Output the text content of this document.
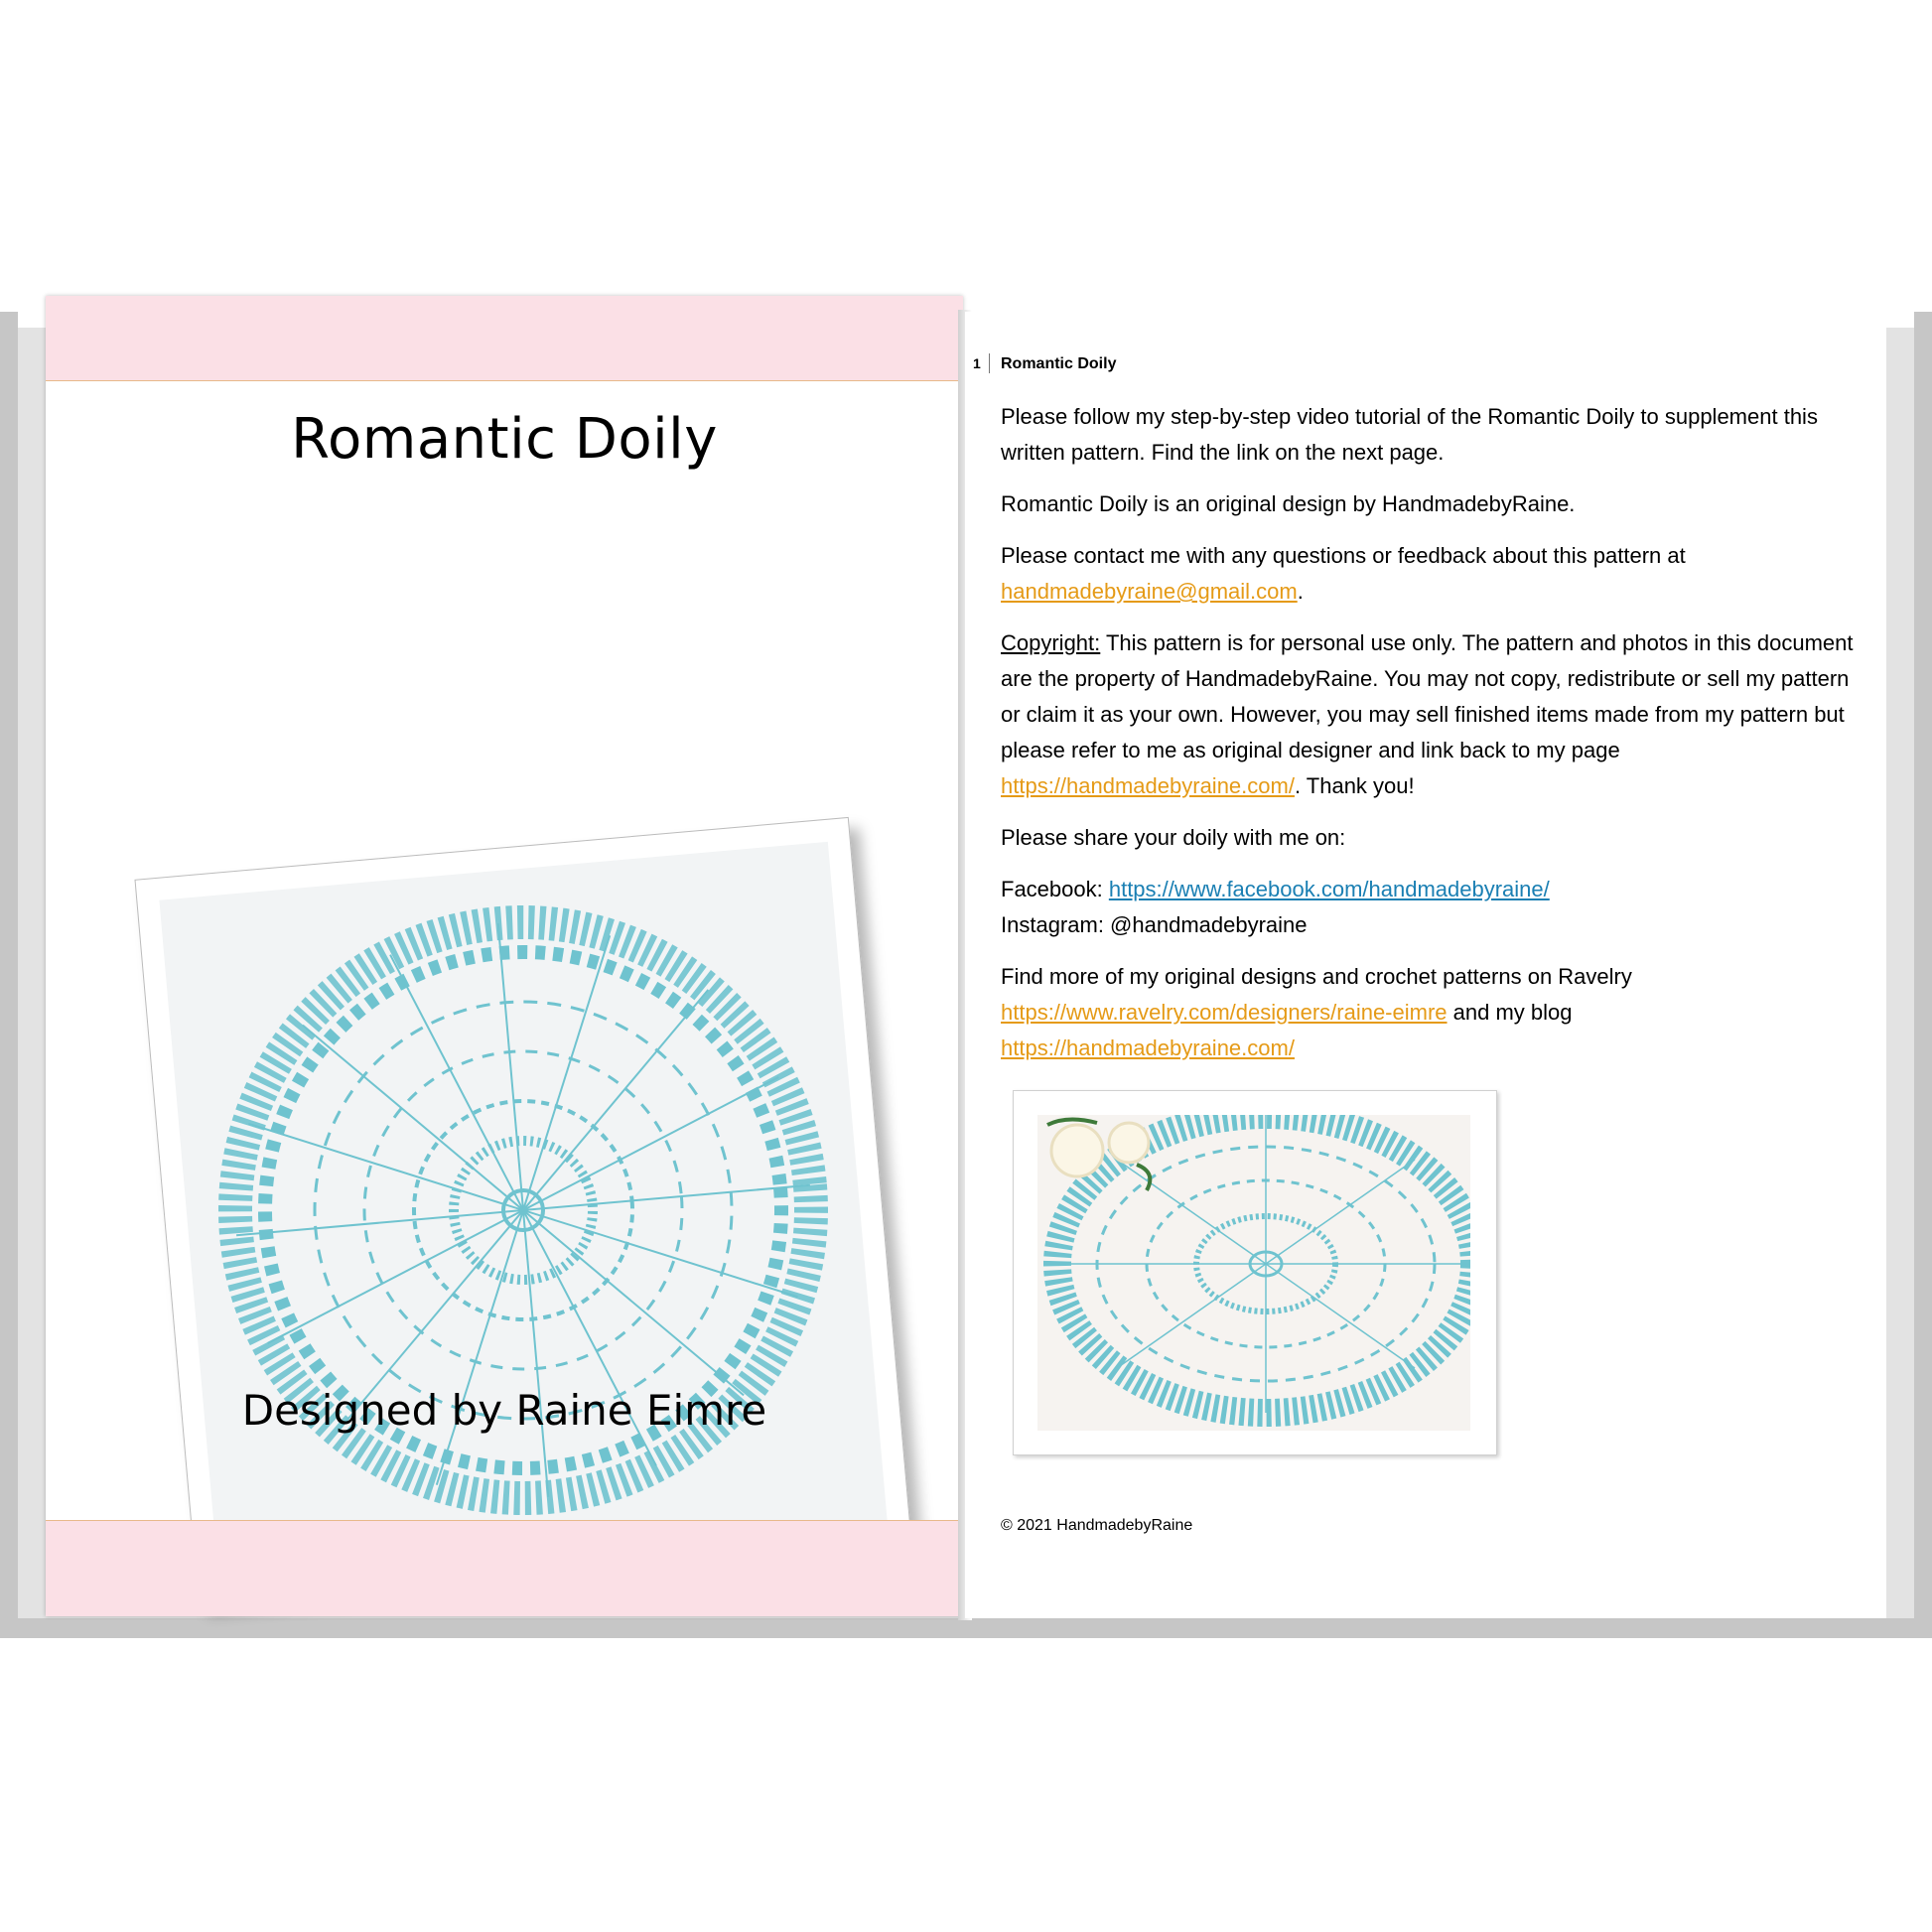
Romantic Doily
Designed by Raine Eimre
1 Romantic Doily

Please follow my step-by-step video tutorial of the Romantic Doily to supplement this written pattern. Find the link on the next page.

Romantic Doily is an original design by HandmadebyRaine.

Please contact me with any questions or feedback about this pattern at handmadebyraine@gmail.com.

Copyright: This pattern is for personal use only. The pattern and photos in this document are the property of HandmadebyRaine. You may not copy, redistribute or sell my pattern or claim it as your own. However, you may sell finished items made from my pattern but please refer to me as original designer and link back to my page https://handmadebyraine.com/. Thank you!

Please share your doily with me on:

Facebook: https://www.facebook.com/handmadebyraine/
Instagram: @handmadebyraine

Find more of my original designs and crochet patterns on Ravelry
https://www.ravelry.com/designers/raine-eimre and my blog
https://handmadebyraine.com/

© 2021 HandmadebyRaine
